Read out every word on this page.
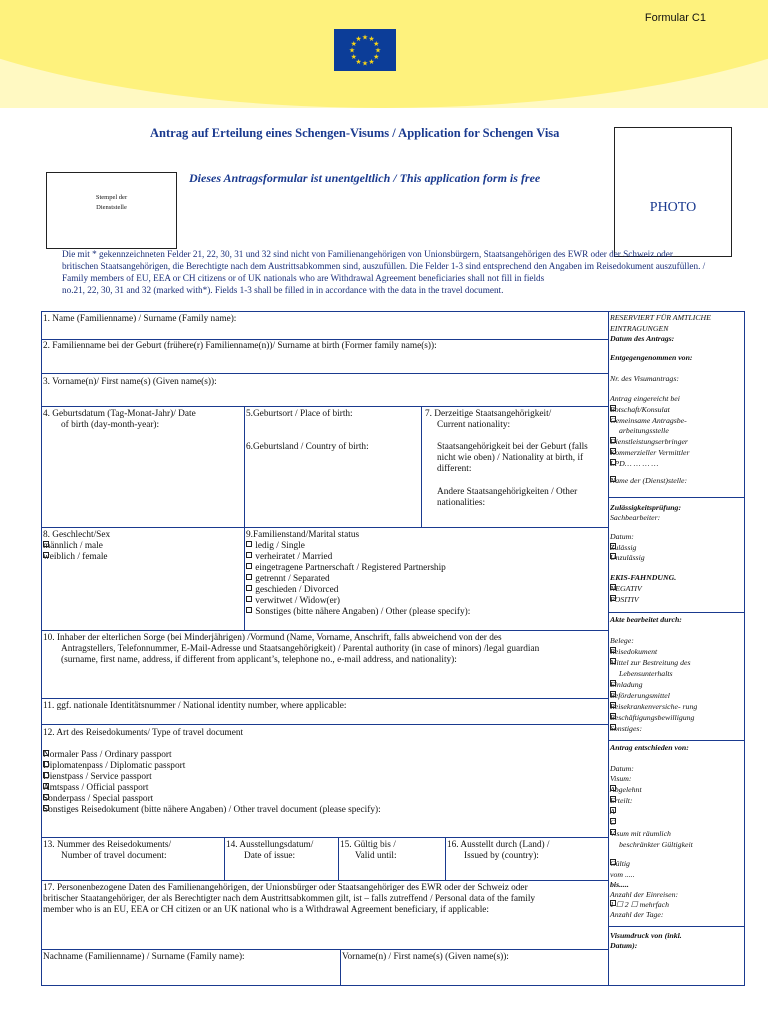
Formular C1
★ ★
★
★
★
★
★
★
★
★
★
★
Antrag auf Erteilung eines Schengen-Visums / Application for Schengen Visa
Dieses Antragsformular ist unentgeltlich / This application form is free
Stempel der
Dienststelle	PHOTO
Die mit * gekennzeichneten Felder 21, 22, 30, 31 und 32 sind nicht von Familienangehörigen von Unionsbürgern, Staatsangehörigen des EWR oder der Schweiz oder
britischen Staatsangehörigen, die Berechtigte nach dem Austrittsabkommen sind, auszufüllen. Die Felder 1-3 sind entsprechend den Angaben im Reisedokument auszufüllen. /
Family members of EU, EEA or CH citizens or of UK nationals who are Withdrawal Agreement beneficiaries shall not fill in fields
no.21, 22, 30, 31 and 32 (marked with*). Fields 1-3 shall be filled in in accordance with the data in the travel document.
1. Name (Familienname) / Surname (Family name):
2. Familienname bei der Geburt (frühere(r) Familienname(n))/ Surname at birth (Former family name(s)):
3. Vorname(n)/ First name(s) (Given name(s)):
4. Geburtsdatum (Tag-Monat-Jahr)/ Date
of birth (day-month-year):
5.Geburtsort / Place of birth:
6.Geburtsland / Country of birth:
7. Derzeitige Staatsangehörigkeit/
Current nationality:
Staatsangehörigkeit bei der Geburt (falls
nicht wie oben) / Nationality at birth, if
different:
Andere Staatsangehörigkeiten / Other
nationalities:
8. Geschlecht/Sex
männlich / male
weiblich / female
9.Familienstand/Marital status
ledig / Single
verheiratet / Married
eingetragene Partnerschaft / Registered Partnership
getrennt / Separated
geschieden / Divorced
verwitwet / Widow(er)
Sonstiges (bitte nähere Angaben) / Other (please specify):
10. Inhaber der elterlichen Sorge (bei Minderjährigen) /Vormund (Name, Vorname, Anschrift, falls abweichend von der des
Antragstellers, Telefonnummer, E-Mail-Adresse und Staatsangehörigkeit) / Parental authority (in case of minors) /legal guardian
(surname, first name, address, if different from applicant’s, telephone no., e-mail address, and nationality):
11. ggf. nationale Identitätsnummer / National identity number, where applicable:
12. Art des Reisedokuments/ Type of travel document
Normaler Pass / Ordinary passport
Diplomatenpass / Diplomatic passport
Dienstpass / Service passport
Amtspass / Official passport
Sonderpass / Special passport
Sonstiges Reisedokument (bitte nähere Angaben) / Other travel document (please specify):
13. Nummer des Reisedokuments/
Number of travel document:
14. Ausstellungsdatum/
Date of issue:
15. Gültig bis /
Valid until:
16. Ausstellt durch (Land) /
Issued by (country):
17. Personenbezogene Daten des Familienangehörigen, der Unionsbürger oder Staatsangehöriger des EWR oder der Schweiz oder
britischer Staatangehöriger, der als Berechtigter nach dem Austrittsabkommen gilt, ist – falls zutreffend / Personal data of the family
member who is an EU, EEA or CH citizen or an UK national who is a Withdrawal Agreement beneficiary, if applicable:
Nachname (Familienname) / Surname (Family name):	Vorname(n) / First name(s) (Given name(s)):
RESERVIERT FÜR AMTLICHE
EINTRAGUNGEN
Datum des Antrags:
Entgegengenommen von:
Nr. des Visumantrags:
Antrag eingereicht bei
Botschaft/Konsulat
Gemeinsame Antragsbe-
arbeitungsstelle
Dienstleistungserbringer
Kommerzieller Vermittler
LPD… … … …
Name der (Dienst)stelle:
Zulässigkeitsprüfung:
Sachbearbeiter:
Datum:
Zulässig
Unzulässig
EKIS-FAHNDUNG.
NEGATIV
POSITIV
Akte bearbeitet durch:
Belege:
Reisedokument
Mittel zur Bestreitung des
Lebensunterhalts
Einladung
Beförderungsmittel
Reisekrankenversiche- rung
Beschäftigungsbewilligung
Sonstiges:
Antrag entschieden von:
Datum:
Visum:
Abgelehnt
Erteilt:
A
C
Visum mit räumlich
beschränkter Gültigkeit
Gültig
vom .....
bis.....
Anzahl der Einreisen:
1 ☐ 2 ☐ mehrfach
Anzahl der Tage:
Visumdruck von (inkl.
Datum):
